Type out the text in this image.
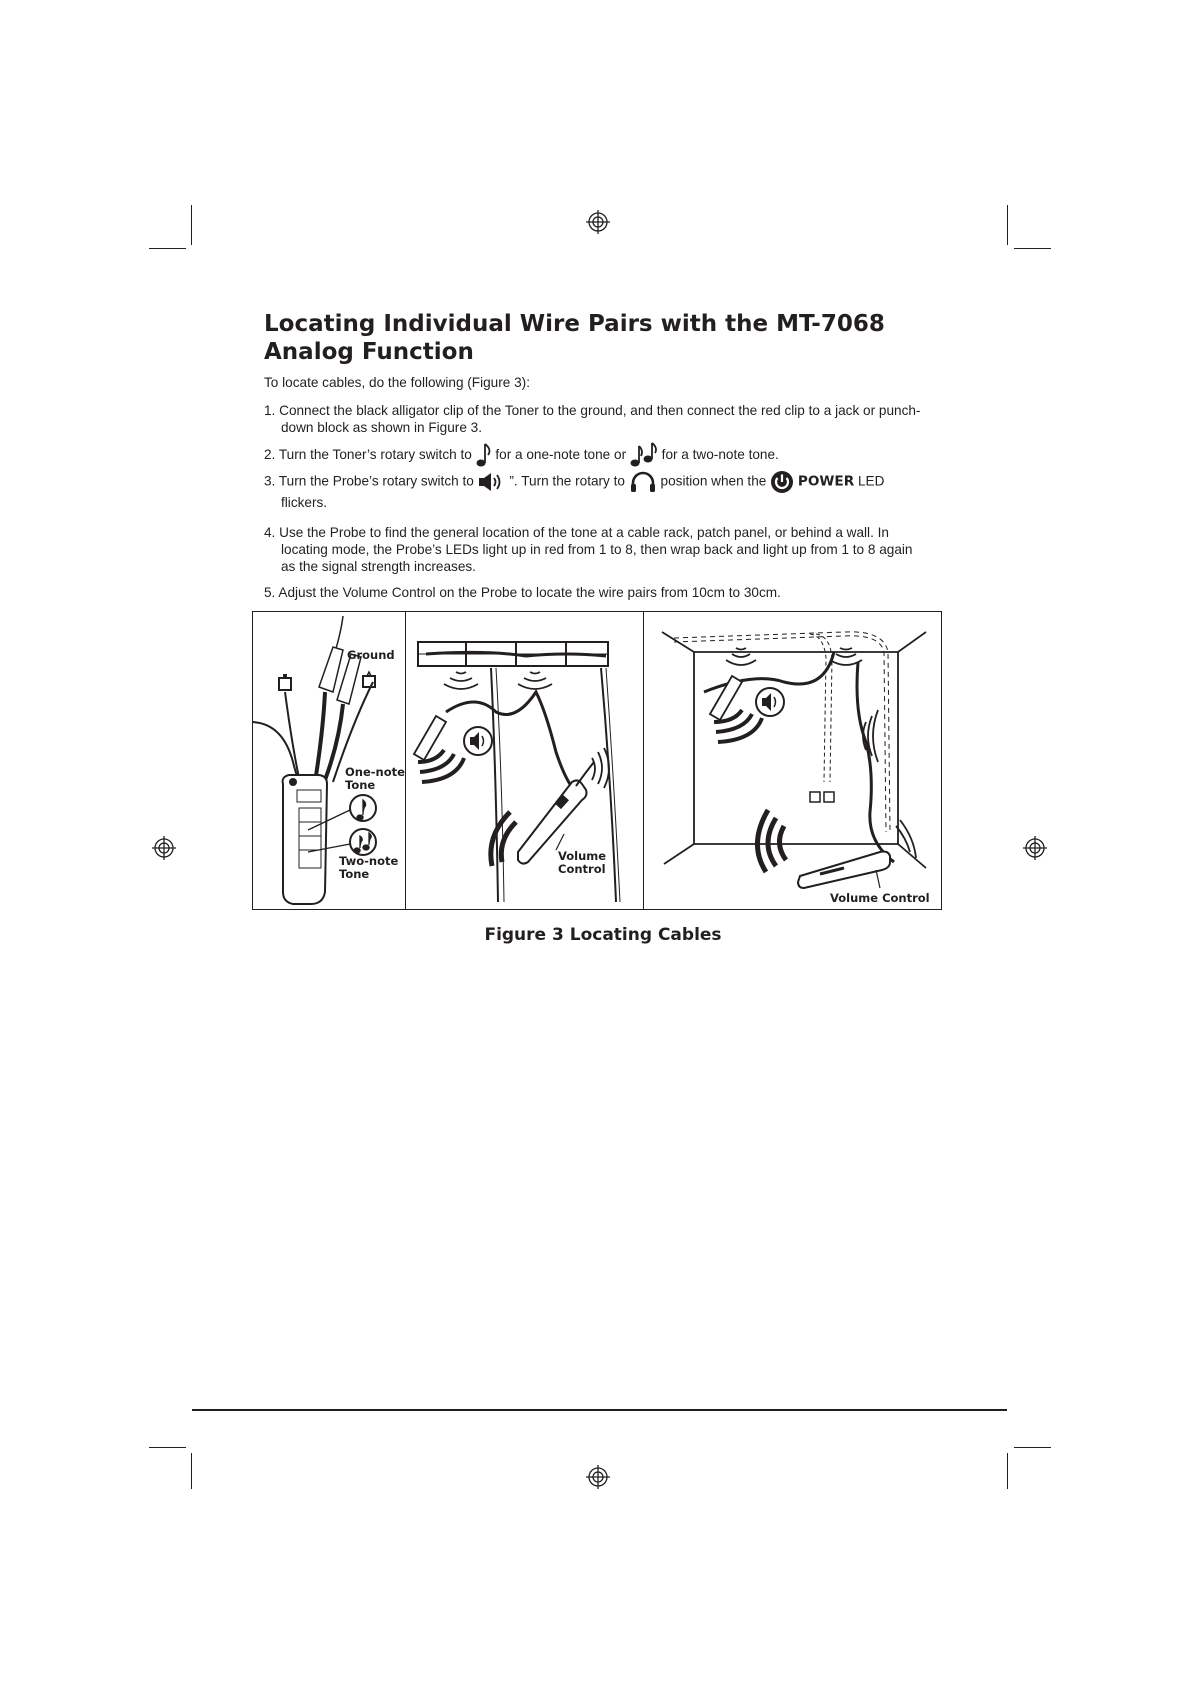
Locating Individual Wire Pairs with the MT-7068 Analog Function
To locate cables, do the following (Figure 3):
1. Connect the black alligator clip of the Toner to the ground, and then connect the red clip to a jack or punch-down block as shown in Figure 3.
2. Turn the Toner’s rotary switch to for a one-note tone or	for a two-note tone.
3. Turn the Probe’s rotary switch to	”. Turn the rotary to	position when the POWER LED flickers.
4. Use the Probe to find the general location of the tone at a cable rack, patch panel, or behind a wall. In locating mode, the Probe’s LEDs light up in red from 1 to 8, then wrap back and light up from 1 to 8 again as the signal strength increases.
5. Adjust the Volume Control on the Probe to locate the wire pairs from 10cm to 30cm.
Ground
One-note
Tone
Two-note
Tone
Volume
Control
Volume Control
Figure 3 Locating Cables
